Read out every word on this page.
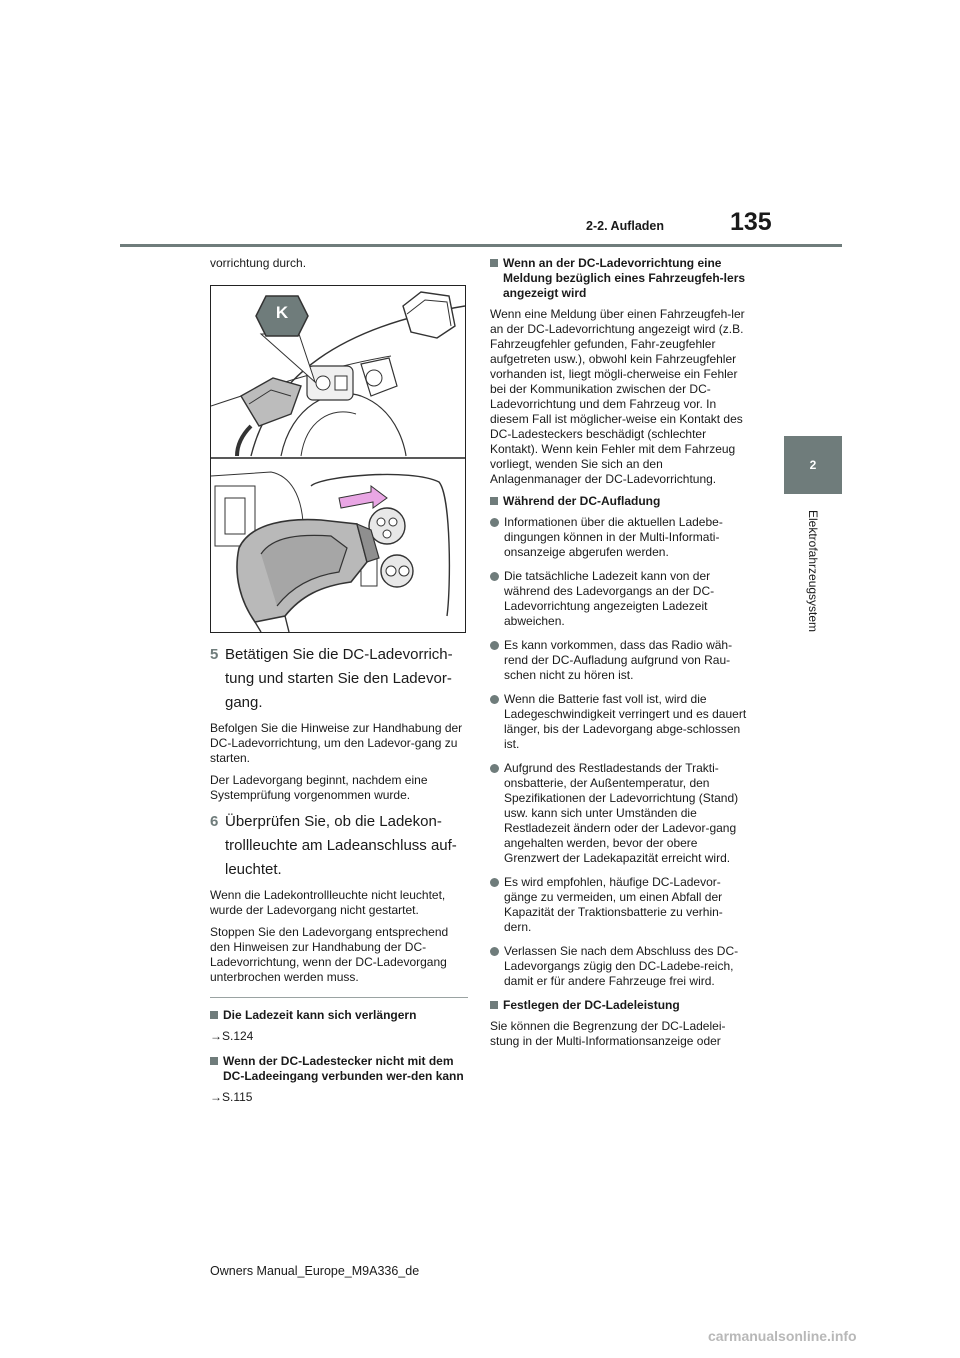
2-2. Aufladen	135
2
Elektrofahrzeugsystem

vorrichtung durch.

K
5 Betätigen Sie die DC-Ladevorrich-tung und starten Sie den Ladevor-gang.

Befolgen Sie die Hinweise zur Handhabung der DC-Ladevorrichtung, um den Ladevor-gang zu starten.

Der Ladevorgang beginnt, nachdem eine Systemprüfung vorgenommen wurde.

6 Überprüfen Sie, ob die Ladekon-trollleuchte am Ladeanschluss auf-leuchtet.

Wenn die Ladekontrollleuchte nicht leuchtet, wurde der Ladevorgang nicht gestartet.

Stoppen Sie den Ladevorgang entsprechend den Hinweisen zur Handhabung der DC-Ladevorrichtung, wenn der DC-Ladevorgang unterbrochen werden muss.

Die Ladezeit kann sich verlängern
→S.124
Wenn der DC-Ladestecker nicht mit dem DC-Ladeeingang verbunden wer-den kann
→S.115
Wenn an der DC-Ladevorrichtung eine Meldung bezüglich eines Fahrzeugfeh-lers angezeigt wird

Wenn eine Meldung über einen Fahrzeugfeh-ler an der DC-Ladevorrichtung angezeigt wird (z.B. Fahrzeugfehler gefunden, Fahr-zeugfehler aufgetreten usw.), obwohl kein Fahrzeugfehler vorhanden ist, liegt mögli-cherweise ein Fehler bei der Kommunikation zwischen der DC-Ladevorrichtung und dem Fahrzeug vor. In diesem Fall ist möglicher-weise ein Kontakt des DC-Ladesteckers beschädigt (schlechter Kontakt). Wenn kein Fehler mit dem Fahrzeug vorliegt, wenden Sie sich an den Anlagenmanager der DC-Ladevorrichtung.

Während der DC-Aufladung
Informationen über die aktuellen Ladebe-dingungen können in der Multi-Informati-onsanzeige abgerufen werden.
Die tatsächliche Ladezeit kann von der während des Ladevorgangs an der DC-Ladevorrichtung angezeigten Ladezeit abweichen.
Es kann vorkommen, dass das Radio wäh-rend der DC-Aufladung aufgrund von Rau-schen nicht zu hören ist.
Wenn die Batterie fast voll ist, wird die Ladegeschwindigkeit verringert und es dauert länger, bis der Ladevorgang abge-schlossen ist.
Aufgrund des Restladestands der Trakti-onsbatterie, der Außentemperatur, den Spezifikationen der Ladevorrichtung (Stand) usw. kann sich unter Umständen die Restladezeit ändern oder der Ladevor-gang angehalten werden, bevor der obere Grenzwert der Ladekapazität erreicht wird.
Es wird empfohlen, häufige DC-Ladevor-gänge zu vermeiden, um einen Abfall der Kapazität der Traktionsbatterie zu verhin-dern.
Verlassen Sie nach dem Abschluss des DC-Ladevorgangs zügig den DC-Ladebe-reich, damit er für andere Fahrzeuge frei wird.
Festlegen der DC-Ladeleistung

Sie können die Begrenzung der DC-Ladelei-stung in der Multi-Informationsanzeige oder

Owners Manual_Europe_M9A336_de
carmanualsonline.info
